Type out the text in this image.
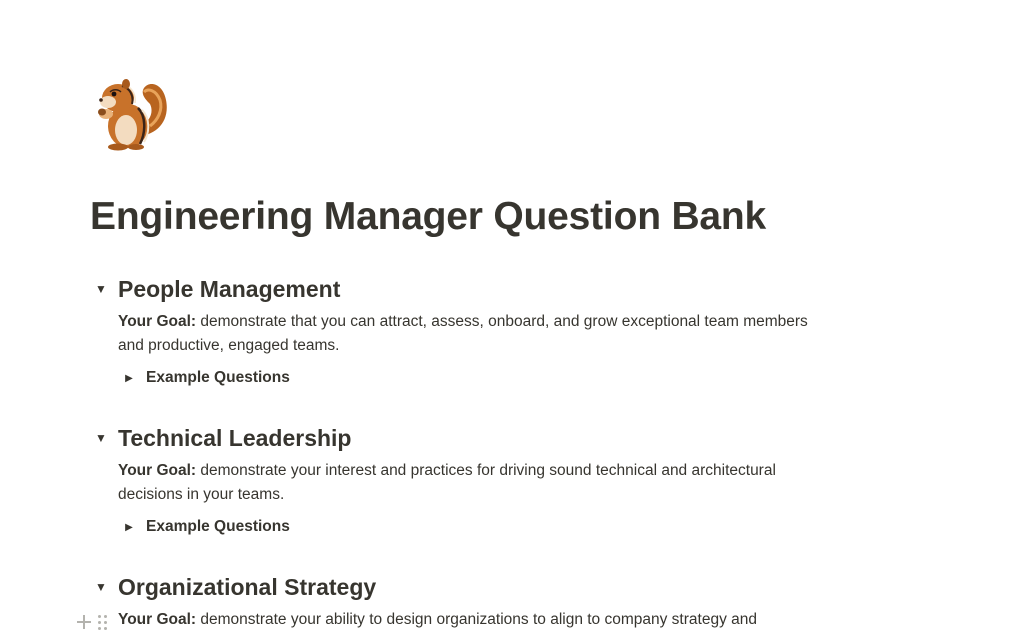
Engineering Manager Question Bank
▼ People Management
Your Goal: demonstrate that you can attract, assess, onboard, and grow exceptional team members and productive, engaged teams.
▶ Example Questions
▼ Technical Leadership
Your Goal: demonstrate your interest and practices for driving sound technical and architectural decisions in your teams.
▶ Example Questions
▼ Organizational Strategy
Your Goal: demonstrate your ability to design organizations to align to company strategy and
